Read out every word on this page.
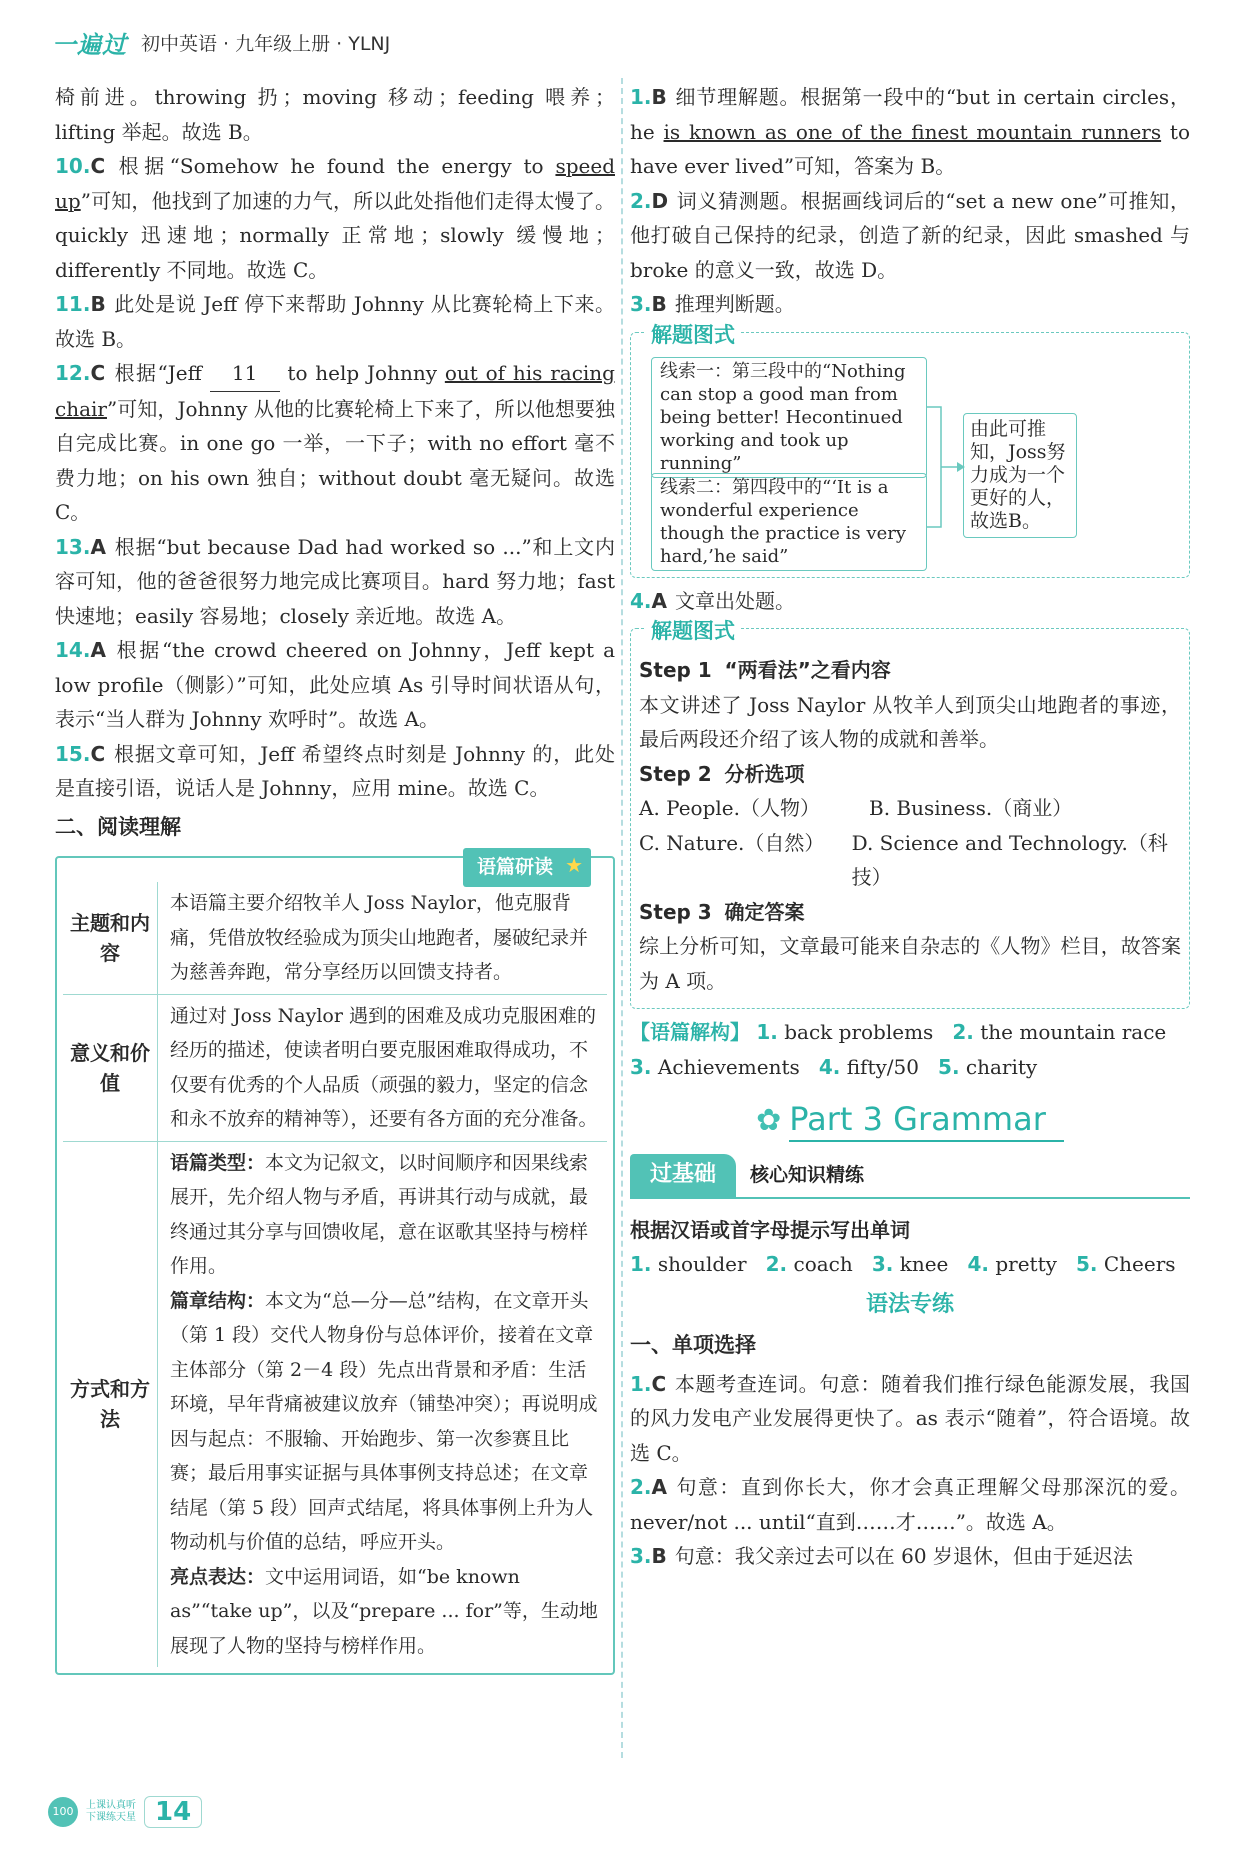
一遍过 初中英语 · 九年级上册 · YLNJ

椅前进。throwing 扔；moving 移动；feeding 喂养；lifting 举起。故选 B。

10.C 根据“Somehow he found the energy to speed up”可知，他找到了加速的力气，所以此处指他们走得太慢了。quickly 迅速地；normally 正常地；slowly 缓慢地；differently 不同地。故选 C。

11.B 此处是说 Jeff 停下来帮助 Johnny 从比赛轮椅上下来。故选 B。

12.C 根据“Jeff 11 to help Johnny out of his racing chair”可知，Johnny 从他的比赛轮椅上下来了，所以他想要独自完成比赛。in one go 一举，一下子；with no effort 毫不费力地；on his own 独自；without doubt 毫无疑问。故选 C。

13.A 根据“but because Dad had worked so ...”和上文内容可知，他的爸爸很努力地完成比赛项目。hard 努力地；fast 快速地；easily 容易地；closely 亲近地。故选 A。

14.A 根据“the crowd cheered on Johnny，Jeff kept a low profile（侧影）”可知，此处应填 As 引导时间状语从句，表示“当人群为 Johnny 欢呼时”。故选 A。

15.C 根据文章可知，Jeff 希望终点时刻是 Johnny 的，此处是直接引语，说话人是 Johnny，应用 mine。故选 C。

二、阅读理解
语篇研读 ★
主题和内容	本语篇主要介绍牧羊人 Joss Naylor，他克服背痛，凭借放牧经验成为顶尖山地跑者，屡破纪录并为慈善奔跑，常分享经历以回馈支持者。
意义和价值	通过对 Joss Naylor 遇到的困难及成功克服困难的经历的描述，使读者明白要克服困难取得成功，不仅要有优秀的个人品质（顽强的毅力，坚定的信念和永不放弃的精神等），还要有各方面的充分准备。
方式和方法	语篇类型：本文为记叙文，以时间顺序和因果线索展开，先介绍人物与矛盾，再讲其行动与成就，最终通过其分享与回馈收尾，意在讴歌其坚持与榜样作用。
篇章结构：本文为“总—分—总”结构，在文章开头（第 1 段）交代人物身份与总体评价，接着在文章主体部分（第 2－4 段）先点出背景和矛盾：生活环境，早年背痛被建议放弃（铺垫冲突）；再说明成因与起点：不服输、开始跑步、第一次参赛且比赛；最后用事实证据与具体事例支持总述；在文章结尾（第 5 段）回声式结尾，将具体事例上升为人物动机与价值的总结，呼应开头。
亮点表达：文中运用词语，如“be known as”“take up”，以及“prepare ... for”等，生动地展现了人物的坚持与榜样作用。

1.B 细节理解题。根据第一段中的“but in certain circles，he is known as one of the finest mountain runners to have ever lived”可知，答案为 B。

2.D 词义猜测题。根据画线词后的“set a new one”可推知，他打破自己保持的纪录，创造了新的纪录，因此 smashed 与 broke 的意义一致，故选 D。

3.B 推理判断题。

解题图式
线索一：第三段中的“Nothing can stop a good man from being better! Hecontinued working and took up running”
线索二：第四段中的“‘It is a wonderful experience though the practice is very hard,’he said”
由此可推知，Joss努力成为一个更好的人，故选B。

4.A 文章出处题。

解题图式
Step 1 “两看法”之看内容
本文讲述了 Joss Naylor 从牧羊人到顶尖山地跑者的事迹，最后两段还介绍了该人物的成就和善举。
Step 2 分析选项
A. People.（人物）	B. Business.（商业）
C. Nature.（自然）	D. Science and Technology.（科技）
Step 3 确定答案
综上分析可知，文章最可能来自杂志的《人物》栏目，故答案为 A 项。
【语篇解构】 1. back problems 2. the mountain race
3. Achievements 4. fifty/50 5. charity
✿ Part 3 Grammar
过基础	核心知识精练
根据汉语或首字母提示写出单词
1. shoulder 2. coach 3. knee 4. pretty 5. Cheers
语法专练
一、单项选择

1.C 本题考查连词。句意：随着我们推行绿色能源发展，我国的风力发电产业发展得更快了。as 表示“随着”，符合语境。故选 C。

2.A 句意：直到你长大，你才会真正理解父母那深沉的爱。never/not ... until“直到……才……”。故选 A。

3.B 句意：我父亲过去可以在 60 岁退休，但由于延迟法

100	上课认真听
下课练天星 14
